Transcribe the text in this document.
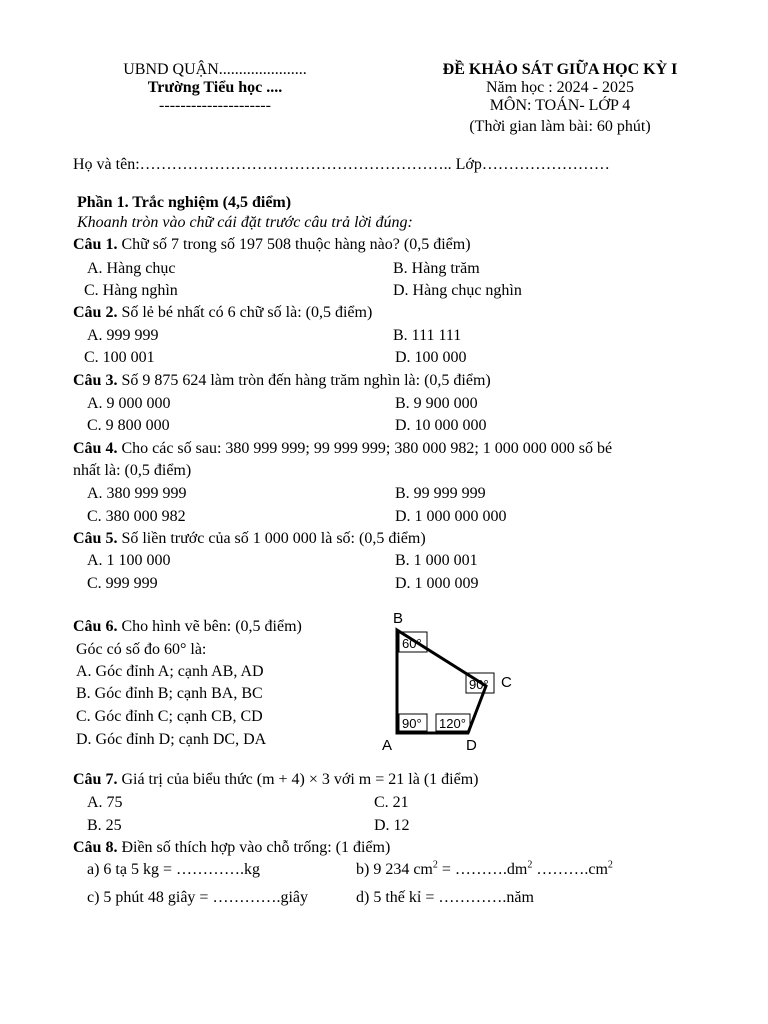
UBND QUẬN......................
Trường Tiểu học ....
---------------------
ĐỀ KHẢO SÁT GIỮA HỌC KỲ I
Năm học : 2024 - 2025
MÔN: TOÁN- LỚP 4
(Thời gian làm bài: 60 phút)
Họ và tên:………………………………………………….. Lớp……………………
Phần 1. Trắc nghiệm (4,5 điểm)
Khoanh tròn vào chữ cái đặt trước câu trả lời đúng:
Câu 1. Chữ số 7 trong số 197 508 thuộc hàng nào? (0,5 điểm)
A. Hàng chục	B. Hàng trăm
C. Hàng nghìn	D. Hàng chục nghìn
Câu 2. Số lẻ bé nhất có 6 chữ số là: (0,5 điểm)
A. 999 999	B. 111 111
C. 100 001	D. 100 000
Câu 3. Số 9 875 624 làm tròn đến hàng trăm nghìn là: (0,5 điểm)
A. 9 000 000	B. 9 900 000
C. 9 800 000	D. 10 000 000
Câu 4. Cho các số sau: 380 999 999; 99 999 999; 380 000 982; 1 000 000 000 số bé
nhất là: (0,5 điểm)
A. 380 999 999	B. 99 999 999
C. 380 000 982	D. 1 000 000 000
Câu 5. Số liền trước của số 1 000 000 là số: (0,5 điểm)
A. 1 100 000	B. 1 000 001
C. 999 999	D. 1 000 009
Câu 6. Cho hình vẽ bên: (0,5 điểm)
Góc có số đo 60° là:
A. Góc đỉnh A; cạnh AB, AD
B. Góc đỉnh B; cạnh BA, BC
C. Góc đỉnh C; cạnh CB, CD
D. Góc đỉnh D; cạnh DC, DA
60°
90°
90° 120°
B
C
A	D
Câu 7. Giá trị của biểu thức (m + 4) × 3 với m = 21 là (1 điểm)
A. 75	C. 21
B. 25	D. 12
Câu 8. Điền số thích hợp vào chỗ trống: (1 điểm)
a) 6 tạ 5 kg = ………….kg	b) 9 234 $cm^2$ = $\dots\dots\dots.dm^2$ $\dots\dots\dots.cm^2$
c) 5 phút 48 giây = ………….giây	d) 5 thế kỉ = ………….năm
